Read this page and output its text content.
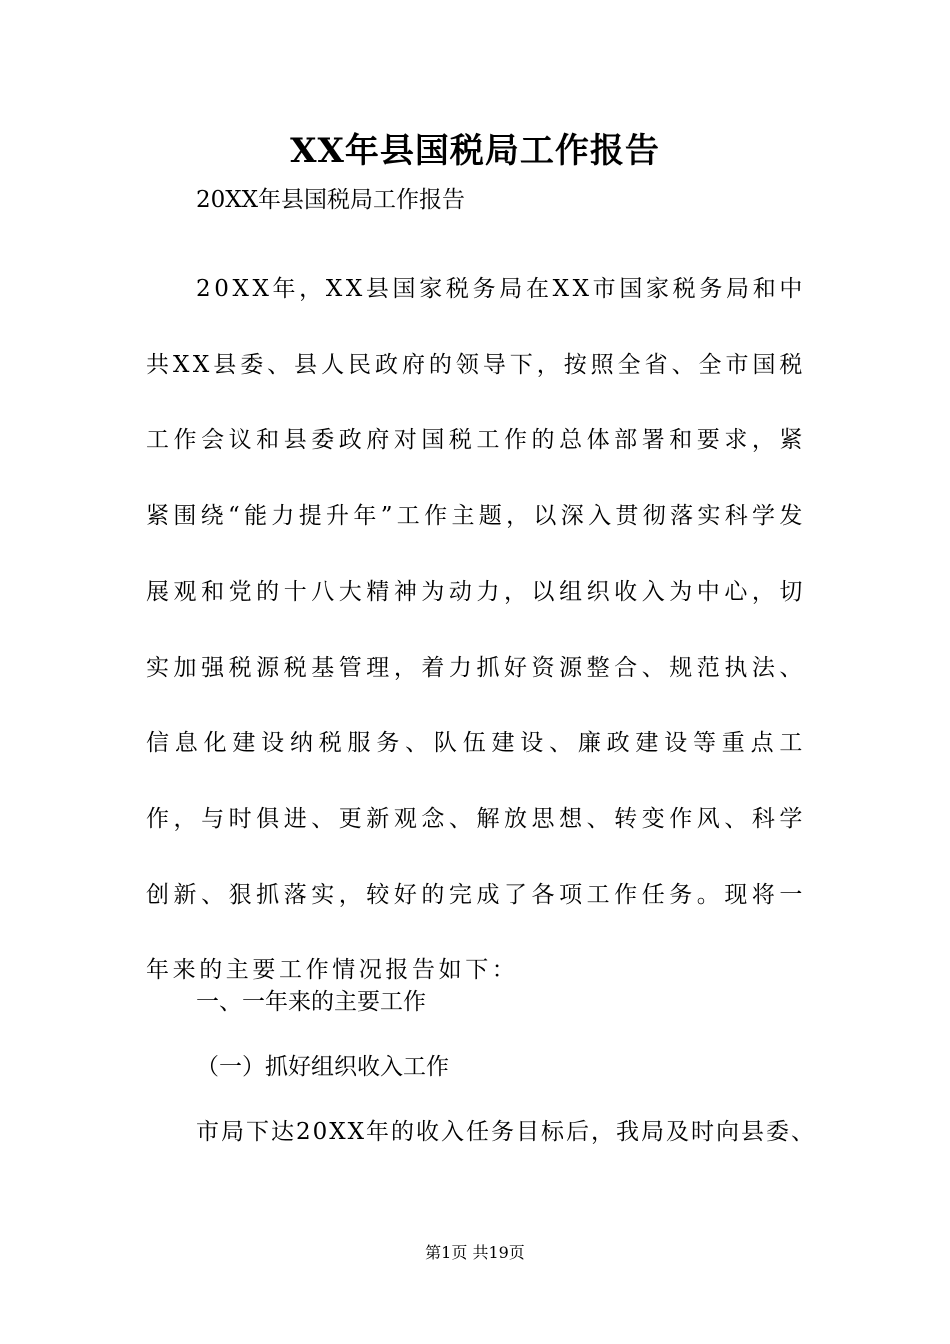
XX年县国税局工作报告
20XX年县国税局工作报告

20XX年，XX县国家税务局在XX市国家税务局和中共XX县委、县人民政府的领导下，按照全省、全市国税工作会议和县委政府对国税工作的总体部署和要求，紧紧围绕“能力提升年”工作主题，以深入贯彻落实科学发展观和党的十八大精神为动力，以组织收入为中心，切实加强税源税基管理，着力抓好资源整合、规范执法、信息化建设纳税服务、队伍建设、廉政建设等重点工作，与时俱进、更新观念、解放思想、转变作风、科学创新、狠抓落实，较好的完成了各项工作任务。现将一年来的主要工作情况报告如下：

一、一年来的主要工作
（一）抓好组织收入工作
市局下达20XX年的收入任务目标后，我局及时向县委、
第1页 共19页
